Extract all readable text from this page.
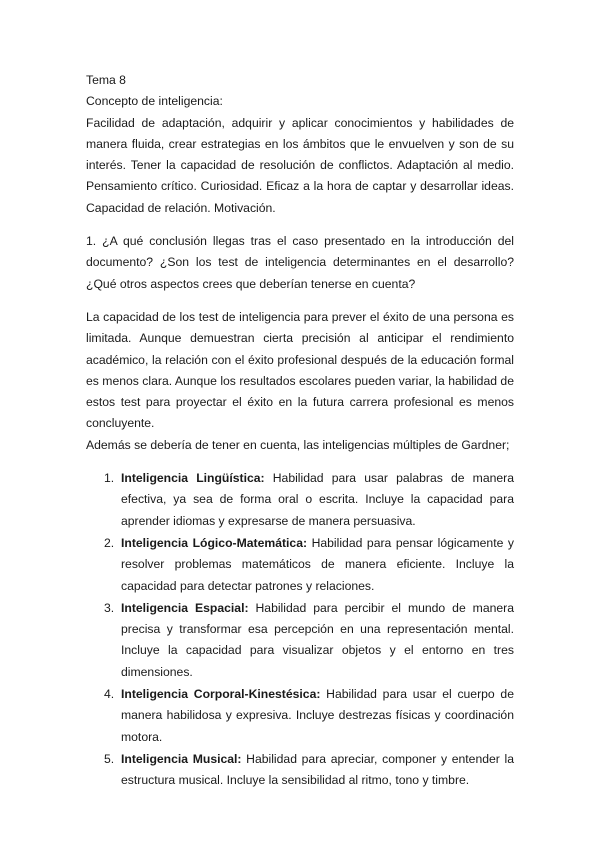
Tema 8

Concepto de inteligencia:

Facilidad de adaptación, adquirir y aplicar conocimientos y habilidades de manera fluida, crear estrategias en los ámbitos que le envuelven y son de su interés. Tener la capacidad de resolución de conflictos. Adaptación al medio. Pensamiento crítico. Curiosidad. Eficaz a la hora de captar y desarrollar ideas. Capacidad de relación. Motivación.

1. ¿A qué conclusión llegas tras el caso presentado en la introducción del documento? ¿Son los test de inteligencia determinantes en el desarrollo? ¿Qué otros aspectos crees que deberían tenerse en cuenta?

La capacidad de los test de inteligencia para prever el éxito de una persona es limitada. Aunque demuestran cierta precisión al anticipar el rendimiento académico, la relación con el éxito profesional después de la educación formal es menos clara. Aunque los resultados escolares pueden variar, la habilidad de estos test para proyectar el éxito en la futura carrera profesional es menos concluyente.

Además se debería de tener en cuenta, las inteligencias múltiples de Gardner;

1. Inteligencia Lingüística: Habilidad para usar palabras de manera efectiva, ya sea de forma oral o escrita. Incluye la capacidad para aprender idiomas y expresarse de manera persuasiva.
2. Inteligencia Lógico-Matemática: Habilidad para pensar lógicamente y resolver problemas matemáticos de manera eficiente. Incluye la capacidad para detectar patrones y relaciones.
3. Inteligencia Espacial: Habilidad para percibir el mundo de manera precisa y transformar esa percepción en una representación mental. Incluye la capacidad para visualizar objetos y el entorno en tres dimensiones.
4. Inteligencia Corporal-Kinestésica: Habilidad para usar el cuerpo de manera habilidosa y expresiva. Incluye destrezas físicas y coordinación motora.
5. Inteligencia Musical: Habilidad para apreciar, componer y entender la estructura musical. Incluye la sensibilidad al ritmo, tono y timbre.
